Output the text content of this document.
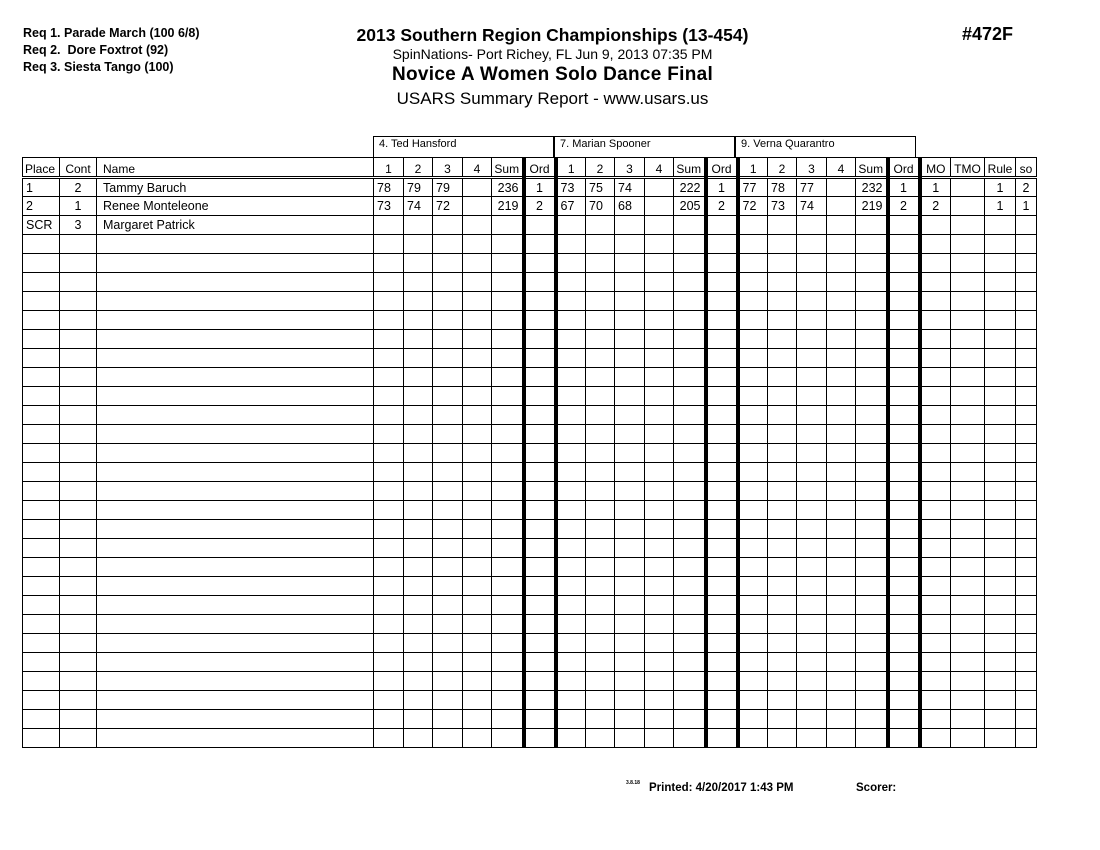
Req 1. Parade March (100 6/8)
Req 2.  Dore Foxtrot (92)
Req 3. Siesta Tango (100)
2013 Southern Region Championships (13-454)
SpinNations- Port Richey, FL Jun 9, 2013 07:35 PM
Novice A Women Solo Dance Final
USARS Summary Report - www.usars.us
#472F
4. Ted Hansford	7. Marian Spooner	9. Verna Quarantro
Place	Cont	Name	1	2	3	4	Sum	Ord	1	2	3	4	Sum	Ord	1	2	3	4	Sum	Ord	MO	TMO	Rule	so
1	2	Tammy Baruch	78	79	79		236	1	73	75	74		222	1	77	78	77		232	1	1		1	2
2	1	Renee Monteleone	73	74	72		219	2	67	70	68		205	2	72	73	74		219	2	2		1	1
SCR	3	Margaret Patrick																						

3.8.18 Printed: 4/20/2017 1:43 PM	Scorer:
